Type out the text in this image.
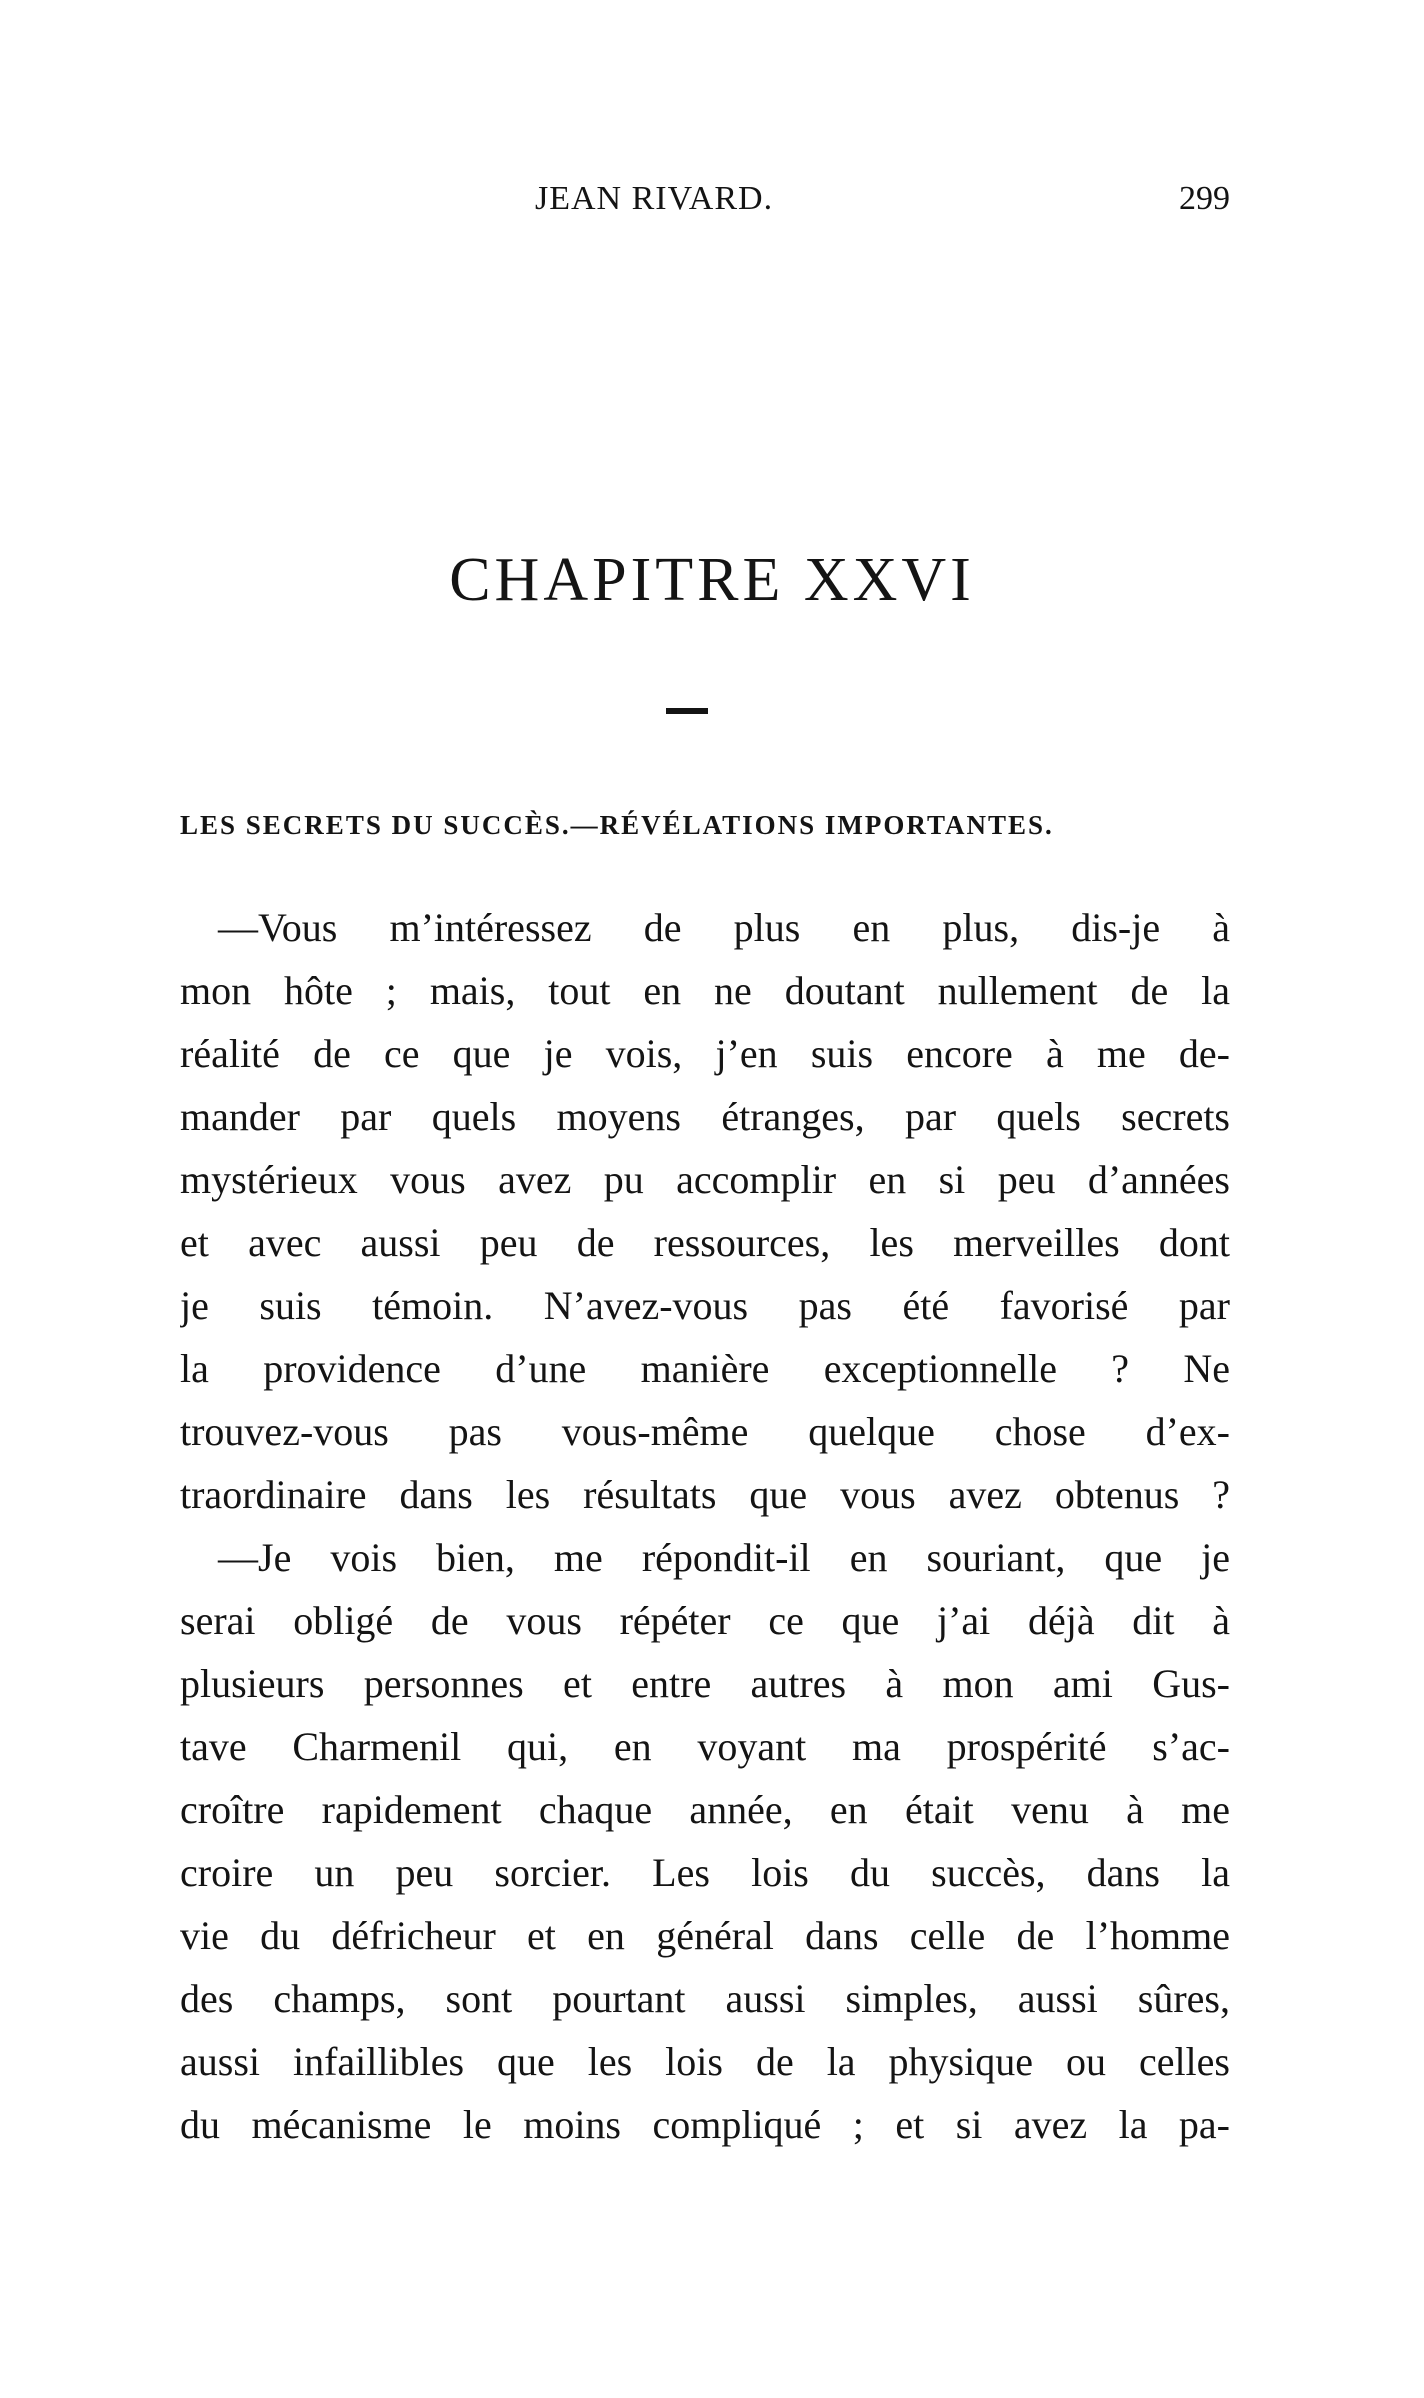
JEAN RIVARD.	299
CHAPITRE XXVI
LES SECRETS DU SUCCÈS.—RÉVÉLATIONS IMPORTANTES.
—Vous m’intéressez de plus en plus, dis-je à
mon hôte ; mais, tout en ne doutant nullement de la
réalité de ce que je vois, j’en suis encore à me de-
mander par quels moyens étranges, par quels secrets
mystérieux vous avez pu accomplir en si peu d’années
et avec aussi peu de ressources, les merveilles dont
je suis témoin. N’avez-vous pas été favorisé par
la providence d’une manière exceptionnelle ? Ne
trouvez-vous pas vous-même quelque chose d’ex-
traordinaire dans les résultats que vous avez obtenus ?
—Je vois bien, me répondit-il en souriant, que je
serai obligé de vous répéter ce que j’ai déjà dit à
plusieurs personnes et entre autres à mon ami Gus-
tave Charmenil qui, en voyant ma prospérité s’ac-
croître rapidement chaque année, en était venu à me
croire un peu sorcier. Les lois du succès, dans la
vie du défricheur et en général dans celle de l’homme
des champs, sont pourtant aussi simples, aussi sûres,
aussi infaillibles que les lois de la physique ou celles
du mécanisme le moins compliqué ; et si avez la pa-
